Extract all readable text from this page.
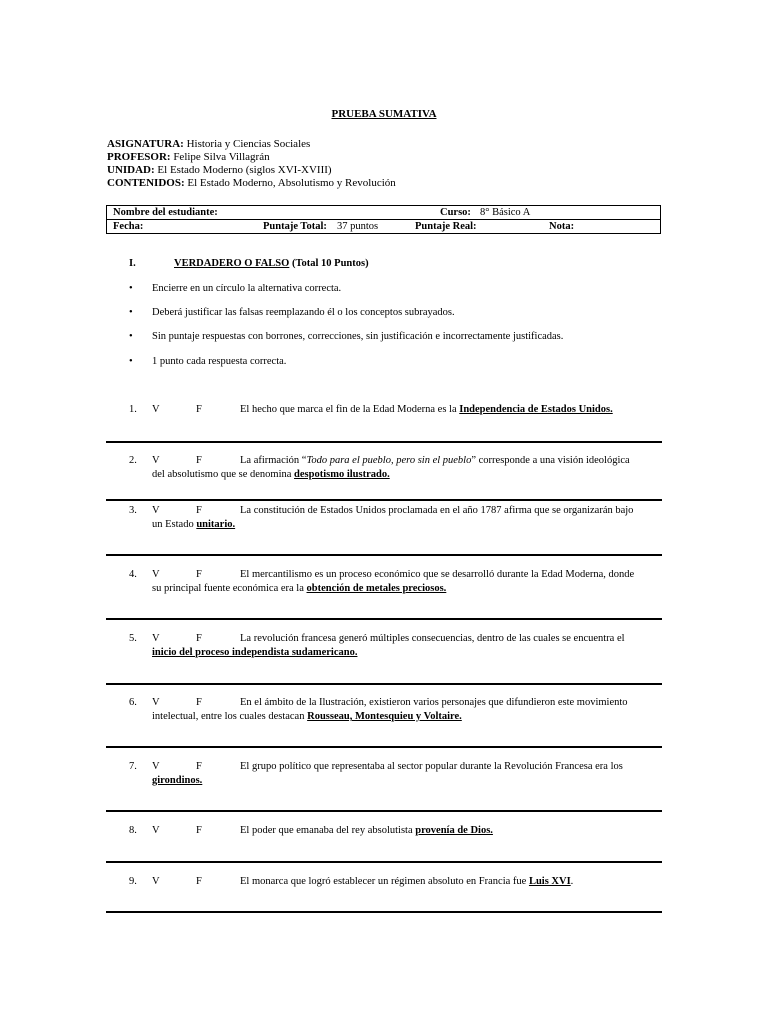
PRUEBA SUMATIVA
ASIGNATURA: Historia y Ciencias Sociales
PROFESOR: Felipe Silva Villagrán
UNIDAD: El Estado Moderno (siglos XVI-XVIII)
CONTENIDOS: El Estado Moderno, Absolutismo y Revolución
Nombre del estudiante:	Curso: 8° Básico A

Fecha:	Puntaje Total: 37 puntos	Puntaje Real:	Nota:
I.	VERDADERO O FALSO (Total 10 Puntos)
• Encierre en un círculo la alternativa correcta.
• Deberá justificar las falsas reemplazando él o los conceptos subrayados.
• Sin puntaje respuestas con borrones, correcciones, sin justificación e incorrectamente justificadas.
• 1 punto cada respuesta correcta.
1. V	F	El hecho que marca el fin de la Edad Moderna es la Independencia de Estados Unidos.
2. V	F	La afirmación “Todo para el pueblo, pero sin el pueblo” corresponde a una visión ideológica
del absolutismo que se denomina despotismo ilustrado.
3. V	F	La constitución de Estados Unidos proclamada en el año 1787 afirma que se organizarán bajo
un Estado unitario.
4. V	F	El mercantilismo es un proceso económico que se desarrolló durante la Edad Moderna, donde
su principal fuente económica era la obtención de metales preciosos.
5. V	F	La revolución francesa generó múltiples consecuencias, dentro de las cuales se encuentra el
inicio del proceso independista sudamericano.
6. V	F	En el ámbito de la Ilustración, existieron varios personajes que difundieron este movimiento
intelectual, entre los cuales destacan Rousseau, Montesquieu y Voltaire.
7. V	F	El grupo político que representaba al sector popular durante la Revolución Francesa era los
girondinos.
8. V	F	El poder que emanaba del rey absolutista provenía de Dios.
9. V	F	El monarca que logró establecer un régimen absoluto en Francia fue Luis XVI.
